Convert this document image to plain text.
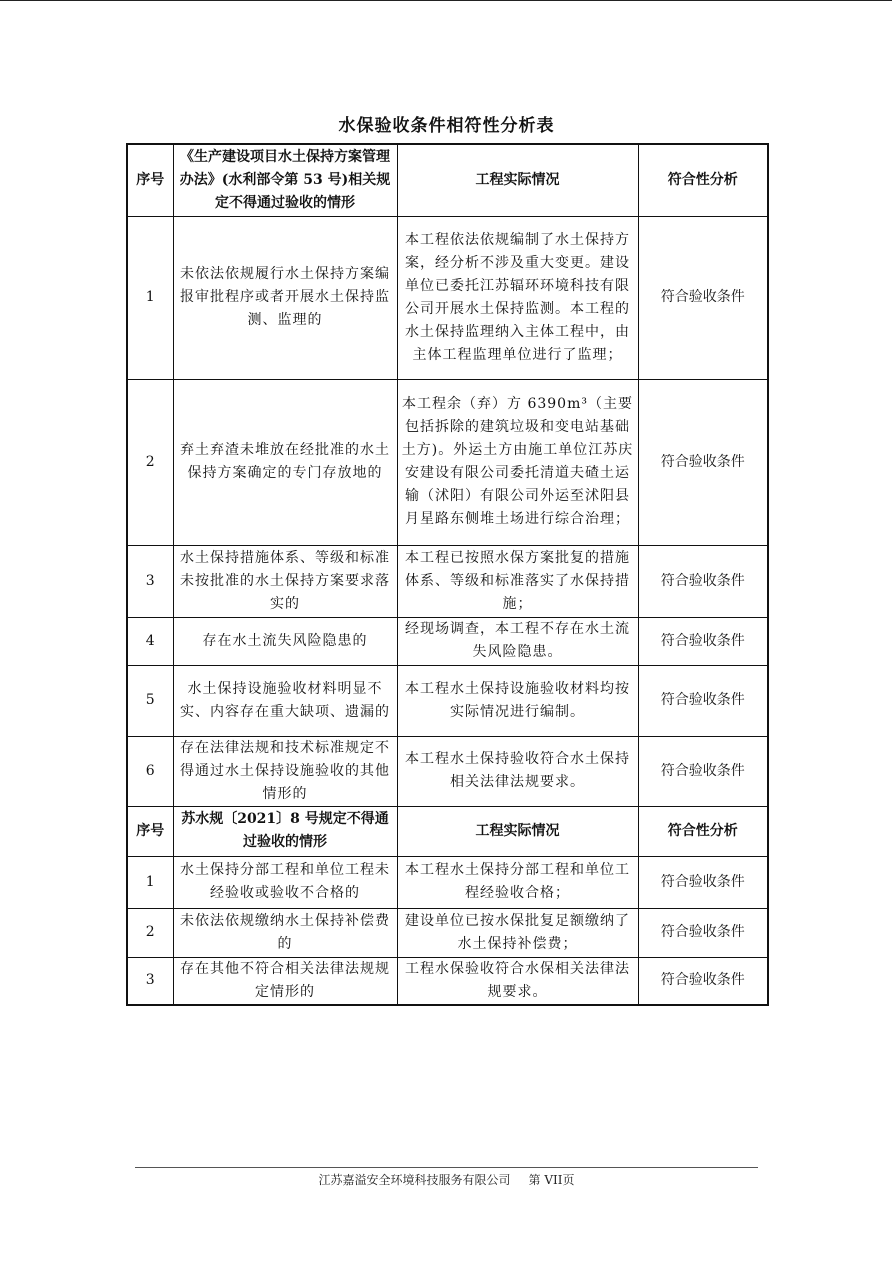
水保验收条件相符性分析表
序号	《生产建设项目水土保持方案管理办法》(水利部令第 53 号)相关规定不得通过验收的情形	工程实际情况	符合性分析
1	未依法依规履行水土保持方案编报审批程序或者开展水土保持监测、监理的	本工程依法依规编制了水土保持方案，经分析不涉及重大变更。建设单位已委托江苏辐环环境科技有限公司开展水土保持监测。本工程的水土保持监理纳入主体工程中，由主体工程监理单位进行了监理；	符合验收条件
2	弃土弃渣未堆放在经批准的水土保持方案确定的专门存放地的	本工程余（弃）方 6390m³（主要包括拆除的建筑垃圾和变电站基础土方)。外运土方由施工单位江苏庆安建设有限公司委托清道夫碴土运输（沭阳）有限公司外运至沭阳县月星路东侧堆土场进行综合治理；	符合验收条件
3	水土保持措施体系、等级和标准未按批准的水土保持方案要求落实的	本工程已按照水保方案批复的措施体系、等级和标准落实了水保持措施；	符合验收条件
4	存在水土流失风险隐患的	经现场调查，本工程不存在水土流失风险隐患。	符合验收条件
5	水土保持设施验收材料明显不实、内容存在重大缺项、遗漏的	本工程水土保持设施验收材料均按实际情况进行编制。	符合验收条件
6	存在法律法规和技术标准规定不得通过水土保持设施验收的其他情形的	本工程水土保持验收符合水土保持相关法律法规要求。	符合验收条件
序号	苏水规〔2021〕8 号规定不得通过验收的情形	工程实际情况	符合性分析
1	水土保持分部工程和单位工程未经验收或验收不合格的	本工程水土保持分部工程和单位工程经验收合格；	符合验收条件
2	未依法依规缴纳水土保持补偿费的	建设单位已按水保批复足额缴纳了水土保持补偿费；	符合验收条件
3	存在其他不符合相关法律法规规定情形的	工程水保验收符合水保相关法律法规要求。	符合验收条件
江苏嘉溢安全环境科技服务有限公司 第 VII页
